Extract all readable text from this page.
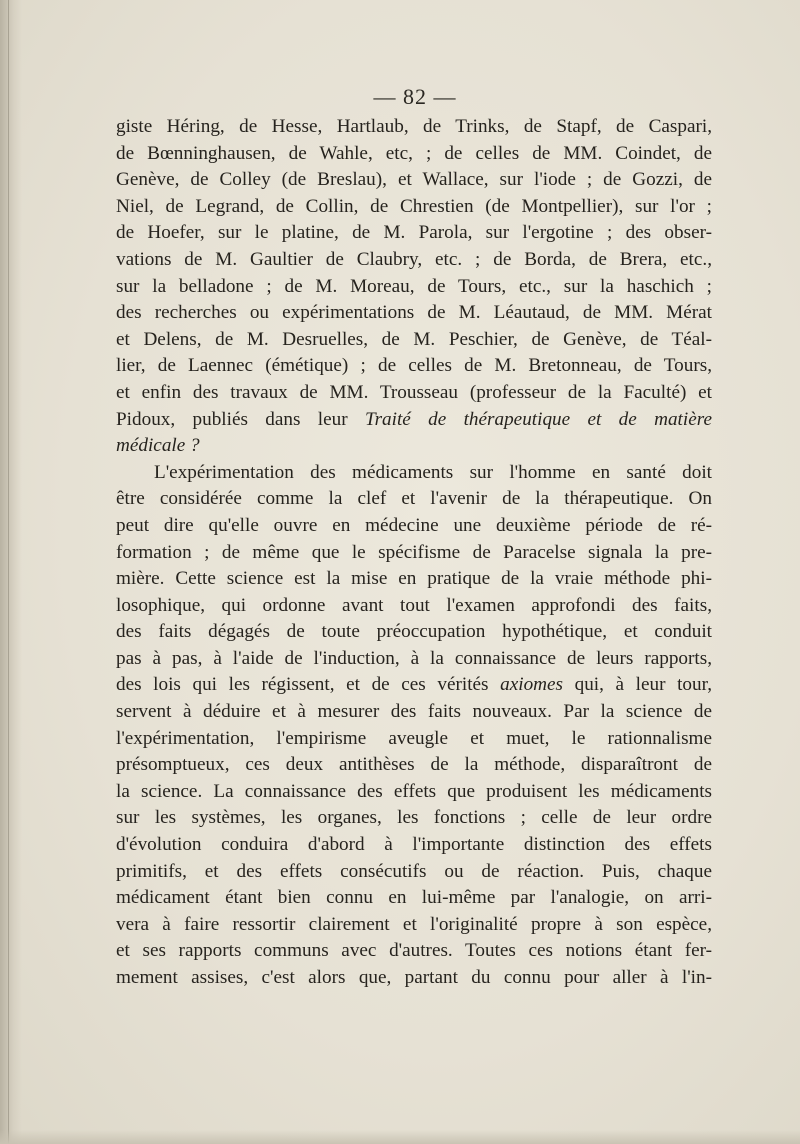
— 82 —

giste Héring, de Hesse, Hartlaub, de Trinks, de Stapf, de Caspari,

de Bœnninghausen, de Wahle, etc, ; de celles de MM. Coindet, de

Genève, de Colley (de Breslau), et Wallace, sur l'iode ; de Gozzi, de

Niel, de Legrand, de Collin, de Chrestien (de Montpellier), sur l'or ;

de Hoefer, sur le platine, de M. Parola, sur l'ergotine ; des obser-

vations de M. Gaultier de Claubry, etc. ; de Borda, de Brera, etc.,

sur la belladone ; de M. Moreau, de Tours, etc., sur la haschich ;

des recherches ou expérimentations de M. Léautaud, de MM. Mérat

et Delens, de M. Desruelles, de M. Peschier, de Genève, de Téal-

lier, de Laennec (émétique) ; de celles de M. Bretonneau, de Tours,

et enfin des travaux de MM. Trousseau (professeur de la Faculté) et

Pidoux, publiés dans leur Traité de thérapeutique et de matière

médicale ?

L'expérimentation des médicaments sur l'homme en santé doit

être considérée comme la clef et l'avenir de la thérapeutique. On

peut dire qu'elle ouvre en médecine une deuxième période de ré-

formation ; de même que le spécifisme de Paracelse signala la pre-

mière. Cette science est la mise en pratique de la vraie méthode phi-

losophique, qui ordonne avant tout l'examen approfondi des faits,

des faits dégagés de toute préoccupation hypothétique, et conduit

pas à pas, à l'aide de l'induction, à la connaissance de leurs rapports,

des lois qui les régissent, et de ces vérités axiomes qui, à leur tour,

servent à déduire et à mesurer des faits nouveaux. Par la science de

l'expérimentation, l'empirisme aveugle et muet, le rationnalisme

présomptueux, ces deux antithèses de la méthode, disparaîtront de

la science. La connaissance des effets que produisent les médicaments

sur les systèmes, les organes, les fonctions ; celle de leur ordre

d'évolution conduira d'abord à l'importante distinction des effets

primitifs, et des effets consécutifs ou de réaction. Puis, chaque

médicament étant bien connu en lui-même par l'analogie, on arri-

vera à faire ressortir clairement et l'originalité propre à son espèce,

et ses rapports communs avec d'autres. Toutes ces notions étant fer-

mement assises, c'est alors que, partant du connu pour aller à l'in-
